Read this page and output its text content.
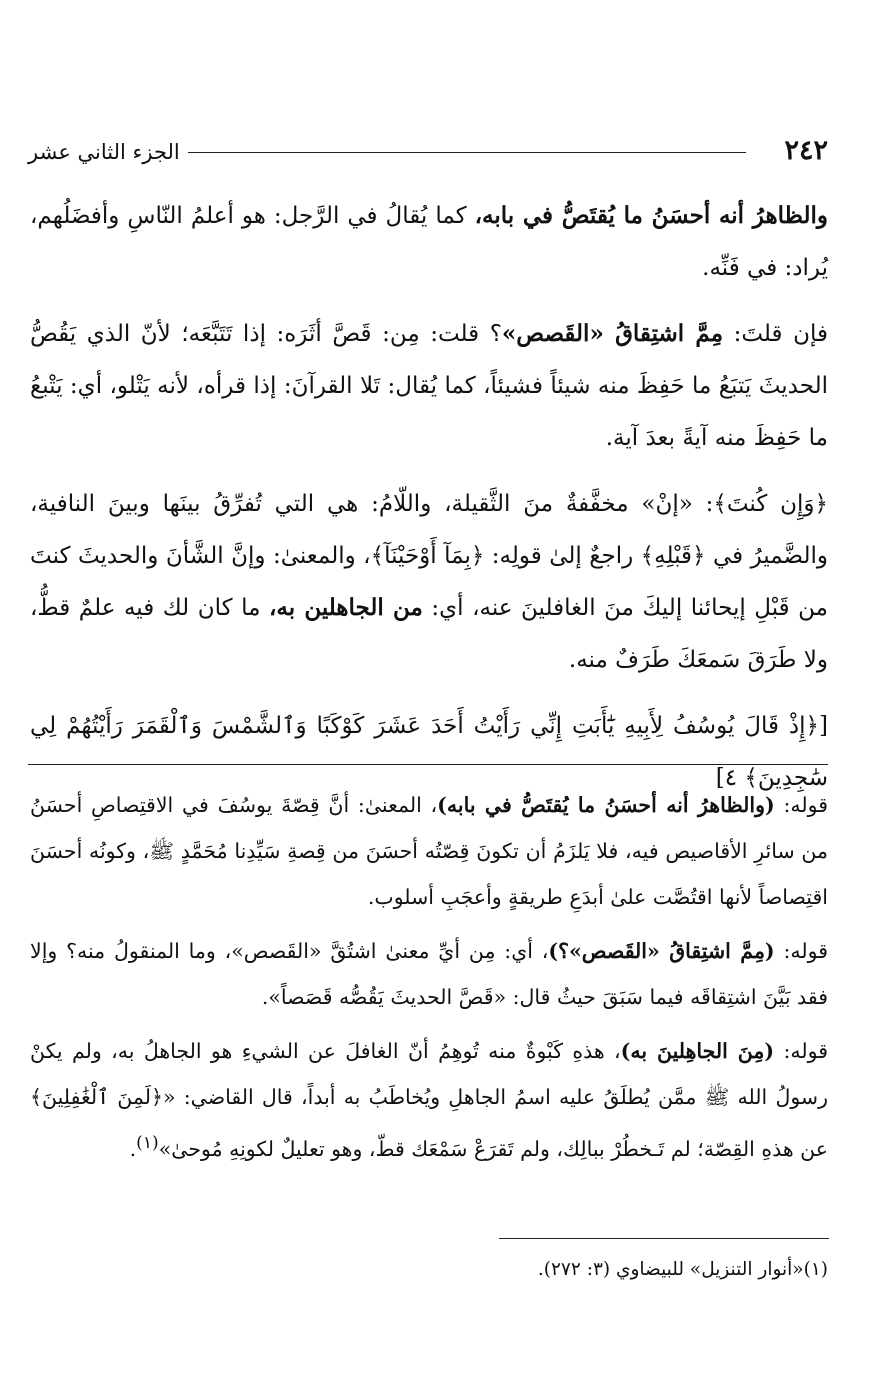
٢٤٢
الجزء الثاني عشر

والظاهرُ أنه أحسَنُ ما يُقتَصُّ في بابه، كما يُقالُ في الرَّجل: هو أعلمُ النّاسِ وأفضَلُهم، يُراد: في فَنِّه.

فإن قلتَ: مِمَّ اشتِقاقُ «القَصص»؟ قلت: مِن: قَصَّ أثَرَه: إذا تَتَبَّعَه؛ لأنّ الذي يَقُصُّ الحديثَ يَتبَعُ ما حَفِظَ منه شيئاً فشيئاً، كما يُقال: تَلا القرآنَ: إذا قرأه، لأنه يَتْلو، أي: يَتْبعُ ما حَفِظَ منه آيةً بعدَ آية.

﴿وَإِن كُنتَ﴾: «إنْ» مخفَّفةٌ منَ الثَّقيلة، واللّامُ: هي التي تُفرِّقُ بينَها وبينَ النافية، والضَّميرُ في ﴿قَبْلِهِ﴾ راجعٌ إلىٰ قولِه: ﴿بِمَآ أَوْحَيْنَآ﴾، والمعنىٰ: وإنَّ الشَّأنَ والحديثَ كنتَ من قَبْلِ إيحائنا إليكَ منَ الغافلينَ عنه، أي: من الجاهلين به، ما كان لك فيه علمٌ قطُّ، ولا طَرَقَ سَمعَكَ طَرَفٌ منه.

[﴿إِذْ قَالَ يُوسُفُ لِأَبِيهِ يَٰٓأَبَتِ إِنِّي رَأَيْتُ أَحَدَ عَشَرَ كَوْكَبًا وَٱلشَّمْسَ وَٱلْقَمَرَ رَأَيْتُهُمْ لِي سَٰجِدِينَ﴾ ٤]

قوله: (والظاهرُ أنه أحسَنُ ما يُقتَصُّ في بابه)، المعنىٰ: أنَّ قِصّةَ يوسُفَ في الاقتِصاصِ أحسَنُ من سائرِ الأقاصيص فيه، فلا يَلزَمُ أن تكونَ قِصّتُه أحسَنَ من قِصةِ سَيِّدِنا مُحَمَّدٍ ﷺ، وكونُه أحسَنَ اقتِصاصاً لأنها اقتُصَّت علىٰ أبدَعِ طريقةٍ وأعجَبِ أسلوب.

قوله: (مِمَّ اشتِقاقُ «القَصص»؟)، أي: مِن أيِّ معنىٰ اشتُقَّ «القَصص»، وما المنقولُ منه؟ وإلا فقد بَيَّنَ اشتِقاقَه فيما سَبَقَ حيثُ قال: «قَصَّ الحديثَ يَقُصُّه قَصَصاً».

قوله: (مِنَ الجاهِلينَ به)، هذهِ كَبْوةٌ منه تُوهِمُ أنّ الغافلَ عن الشيءِ هو الجاهلُ به، ولم يكنْ رسولُ الله ﷺ ممَّن يُطلَقُ عليه اسمُ الجاهلِ ويُخاطَبُ به أبداً، قال القاضي: «﴿لَمِنَ ٱلْغَٰفِلِينَ﴾ عن هذهِ القِصّة؛ لم تَـخطُرْ ببالِك، ولم تَقرَعْ سَمْعَك قطّ، وهو تعليلٌ لكونِهِ مُوحىٰ»$^{(١)}$.

(١)«أنوار التنزيل» للبيضاوي (٣: ٢٧٢).
